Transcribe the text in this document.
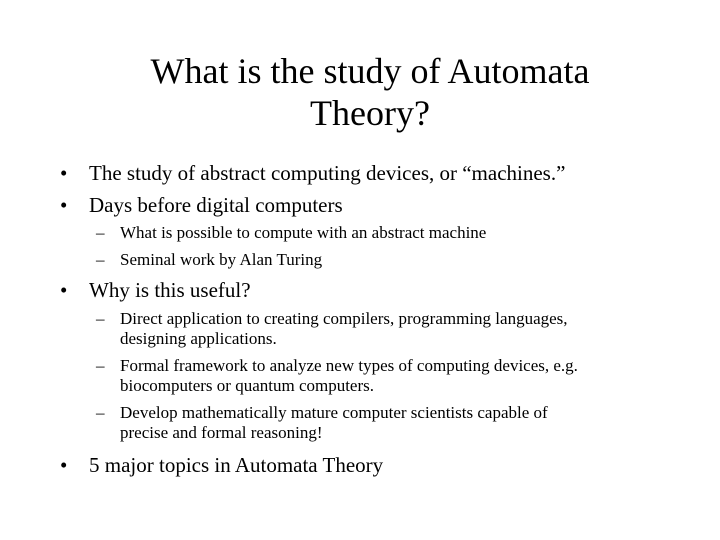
What is the study of Automata
Theory?
•	The study of abstract computing devices, or “machines.”
•	Days before digital computers
– What is possible to compute with an abstract machine
– Seminal work by Alan Turing
•	Why is this useful?
– Direct application to creating compilers, programming languages,
designing applications.
– Formal framework to analyze new types of computing devices, e.g.
biocomputers or quantum computers.
– Develop mathematically mature computer scientists capable of
precise and formal reasoning!
•	5 major topics in Automata Theory
